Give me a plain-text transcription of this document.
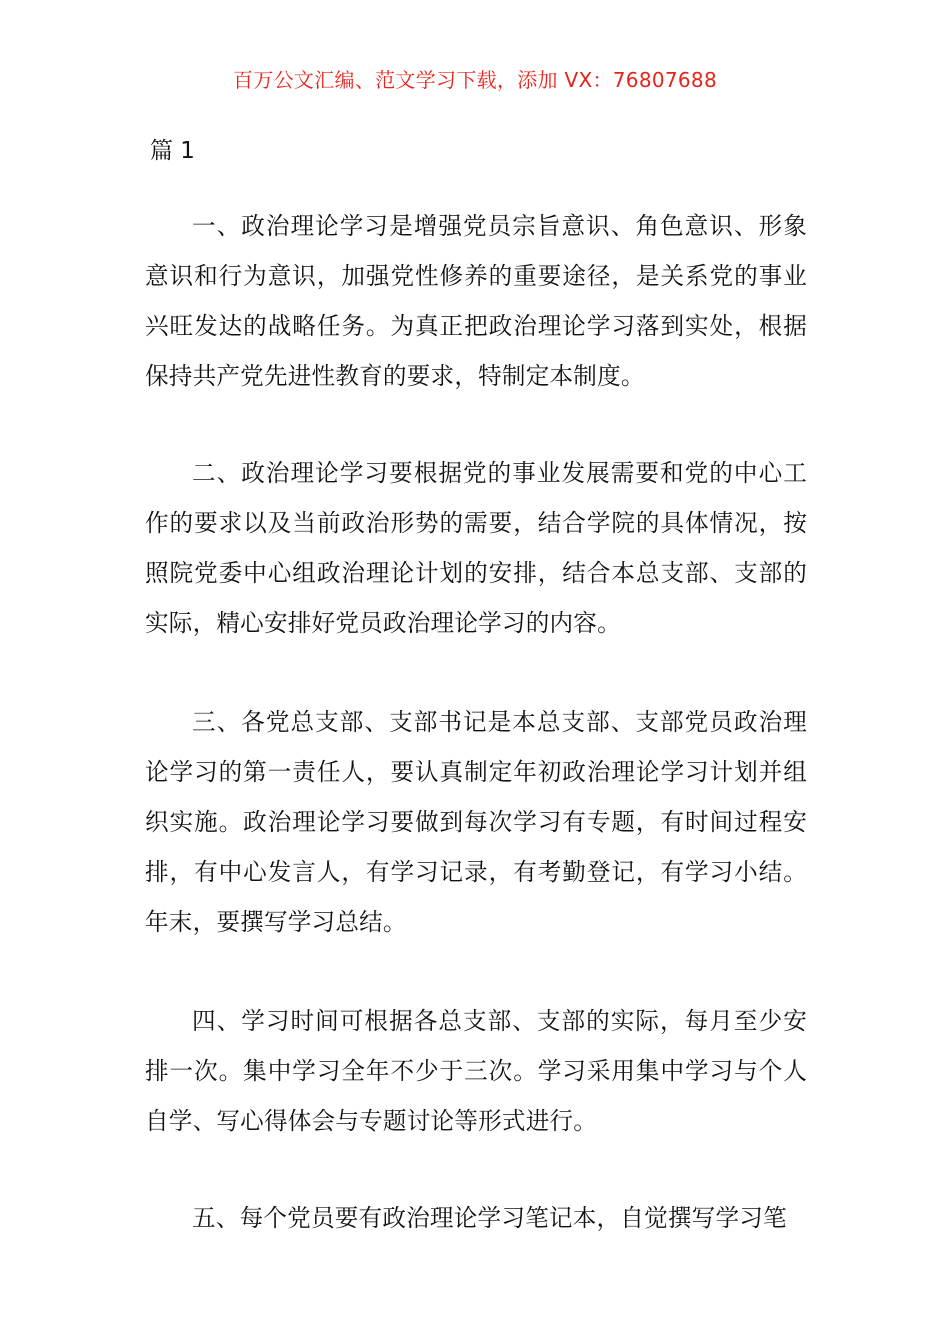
百万公文汇编、范文学习下载，添加 VX：76807688
篇 1

一、政治理论学习是增强党员宗旨意识、角色意识、形象意识和行为意识，加强党性修养的重要途径，是关系党的事业兴旺发达的战略任务。为真正把政治理论学习落到实处，根据保持共产党先进性教育的要求，特制定本制度。

二、政治理论学习要根据党的事业发展需要和党的中心工作的要求以及当前政治形势的需要，结合学院的具体情况，按照院党委中心组政治理论计划的安排，结合本总支部、支部的实际，精心安排好党员政治理论学习的内容。

三、各党总支部、支部书记是本总支部、支部党员政治理论学习的第一责任人，要认真制定年初政治理论学习计划并组织实施。政治理论学习要做到每次学习有专题，有时间过程安排，有中心发言人，有学习记录，有考勤登记，有学习小结。年末，要撰写学习总结。

四、学习时间可根据各总支部、支部的实际，每月至少安排一次。集中学习全年不少于三次。学习采用集中学习与个人自学、写心得体会与专题讨论等形式进行。

五、每个党员要有政治理论学习笔记本，自觉撰写学习笔
